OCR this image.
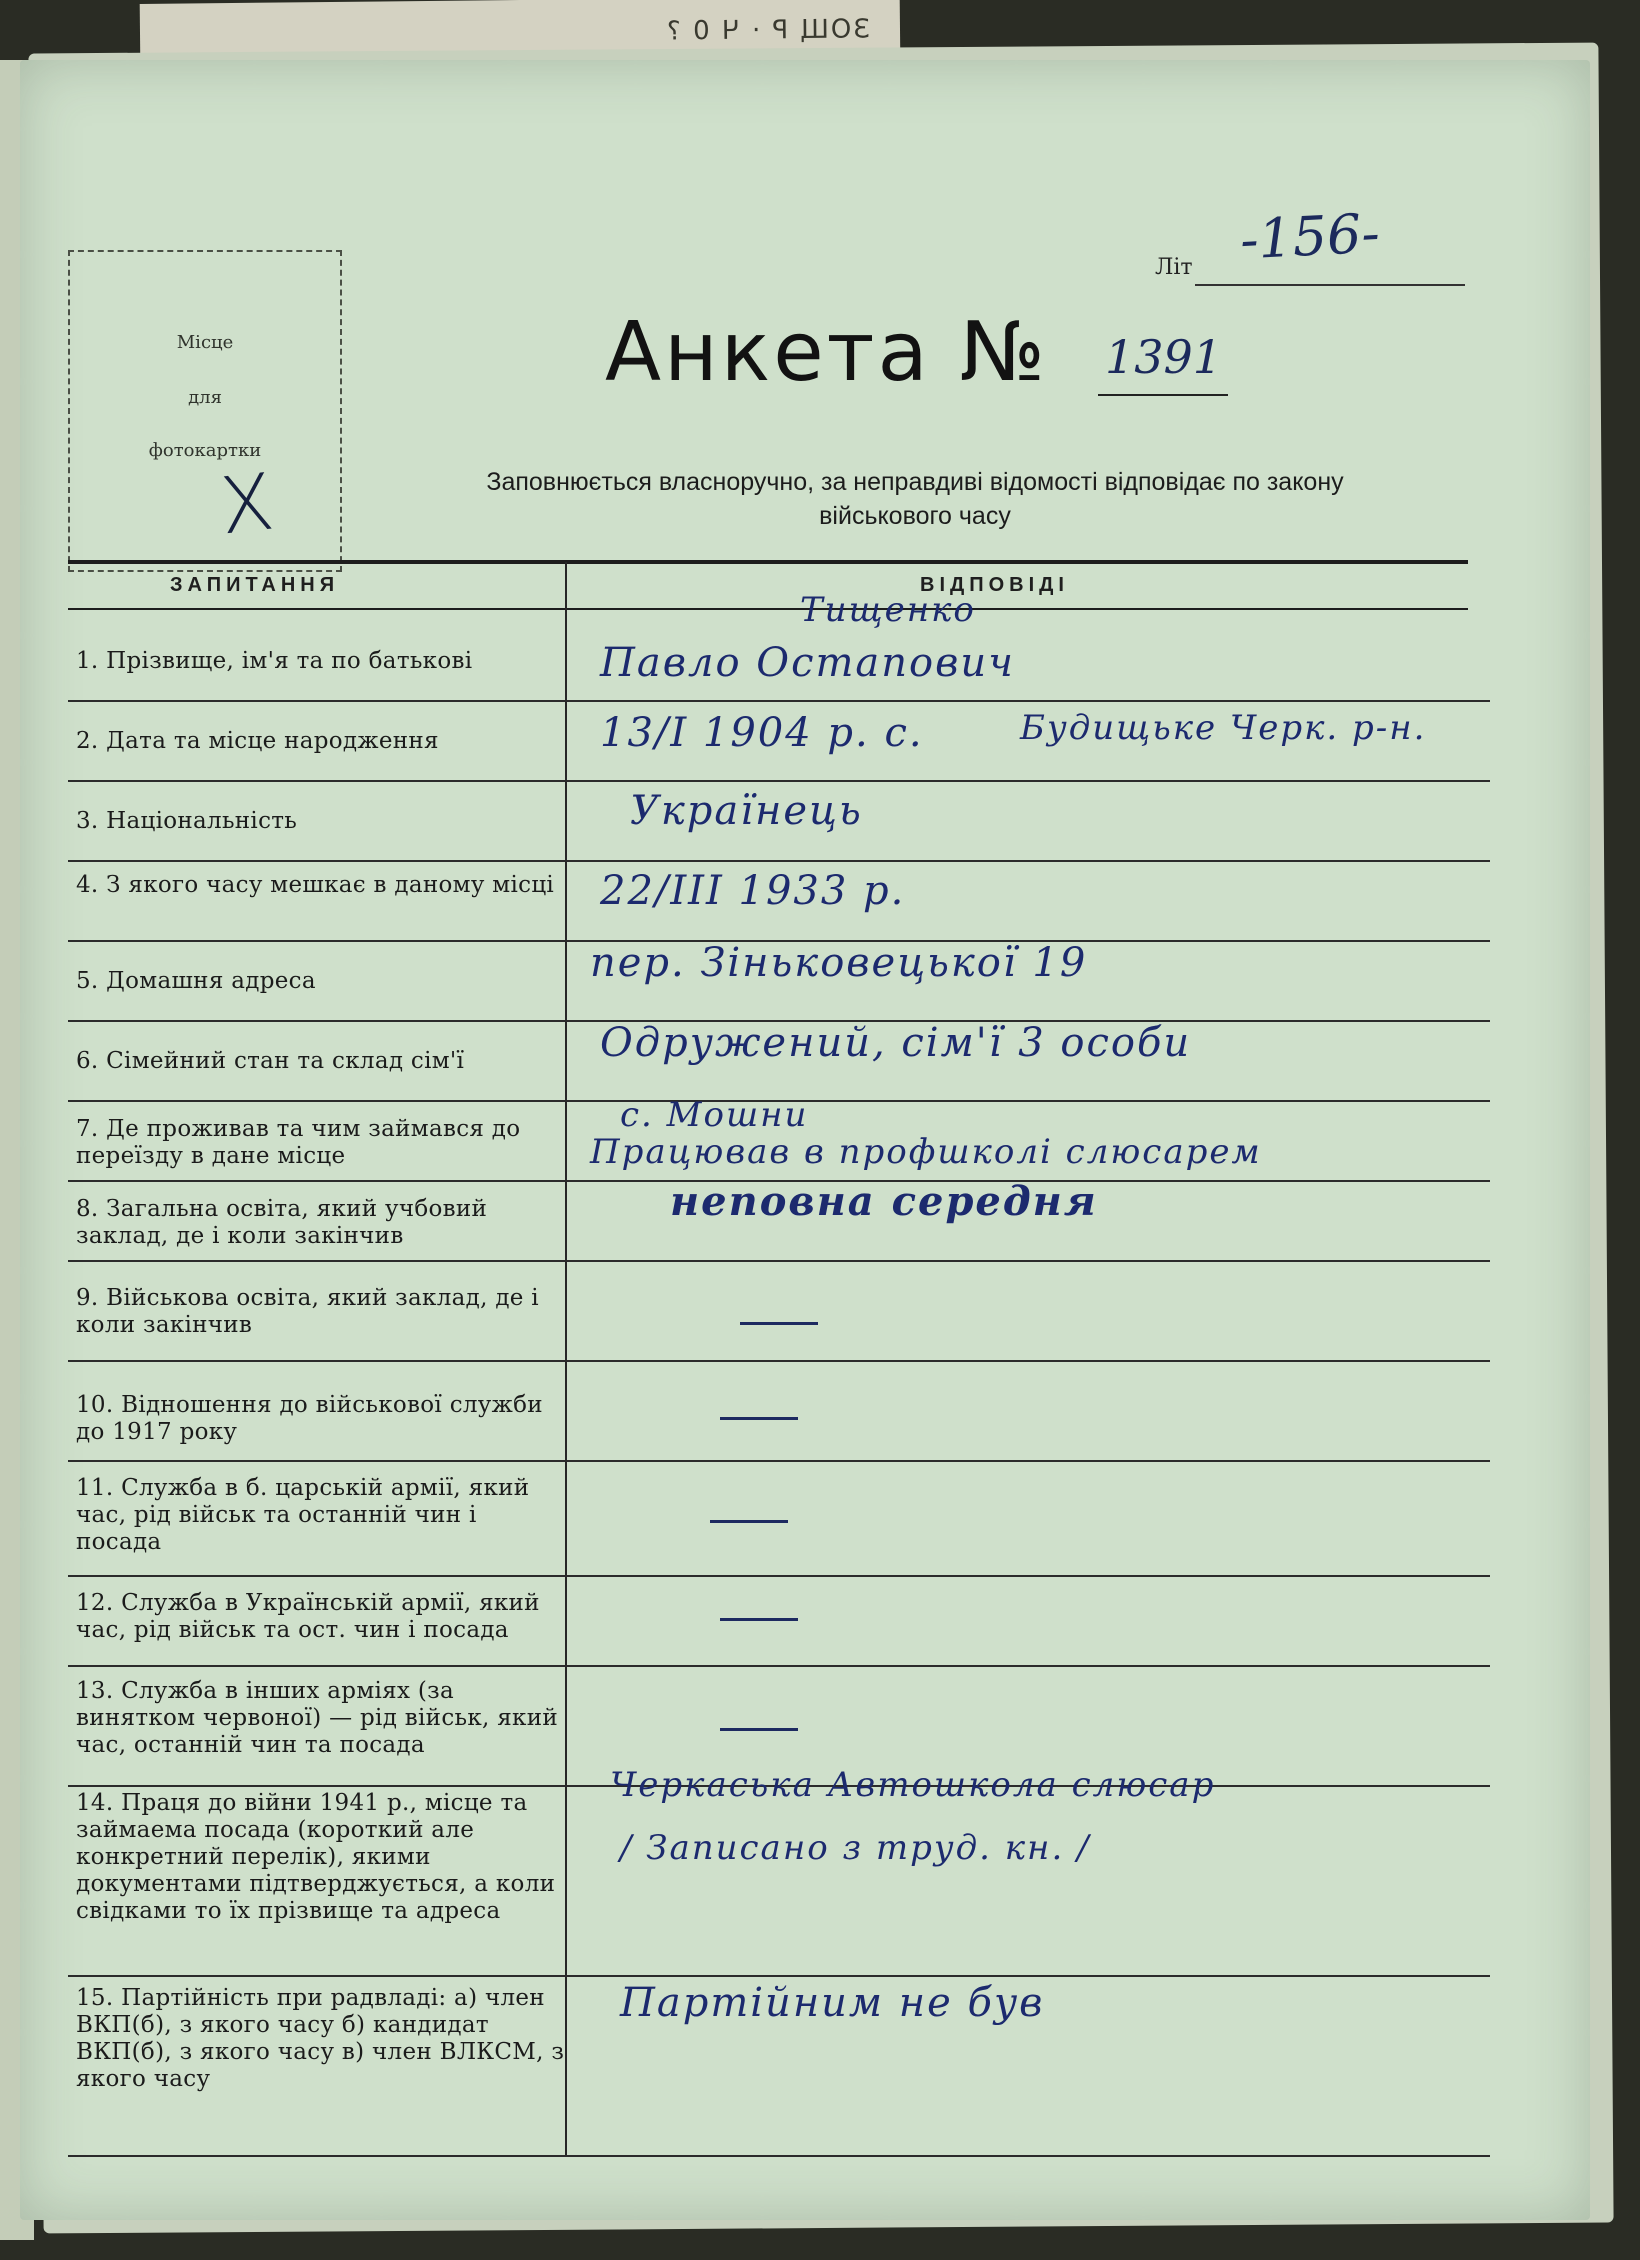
ЗОЩ Р · Ч 0 ?
Місце
для
фотокартки
X
Літ -156-
Анкета № 1391
Заповнюється власноручно, за неправдиві відомості відповідає по закону
військового часу
ЗАПИТАННЯ	ВІДПОВІДІ
1. Прізвище, ім'я та по батькові
2. Дата та місце народження
3. Національність
4. З якого часу мешкає в даному місці
5. Домашня адреса
6. Сімейний стан та склад сім'ї
7. Де проживав та чим займався до переїзду в дане місце
8. Загальна освіта, який учбовий заклад, де і коли закінчив
9. Військова освіта, який заклад, де і коли закінчив
10. Відношення до військової служби до 1917 року
11. Служба в б. царській армії, який час, рід військ та останній чин і посада
12. Служба в Українській армії, який час, рід військ та ост. чин і посада
13. Служба в інших арміях (за винятком червоної) — рід військ, який час, останній чин та посада
14. Праця до війни 1941 р., місце та займаема посада (короткий але конкретний перелік), якими документами підтверджується, а коли свідками то їх прізвище та адреса
15. Партійність при радвладі: а) член ВКП(б), з якого часу б) кандидат ВКП(б), з якого часу в) член ВЛКСМ, з якого часу
Тищенко
Павло Остапович
13/І 1904 р. с.	Будищьке Черк. р-н.
Українець
22/ІІІ 1933 р.
пер. Зіньковецької 19
Одружений, сім'ї 3 особи
с. Мошни
Працював в профшколі слюсарем
неповна середня
Черкаська Автошкола слюсар
/ Записано з труд. кн. /
Партійним не був
